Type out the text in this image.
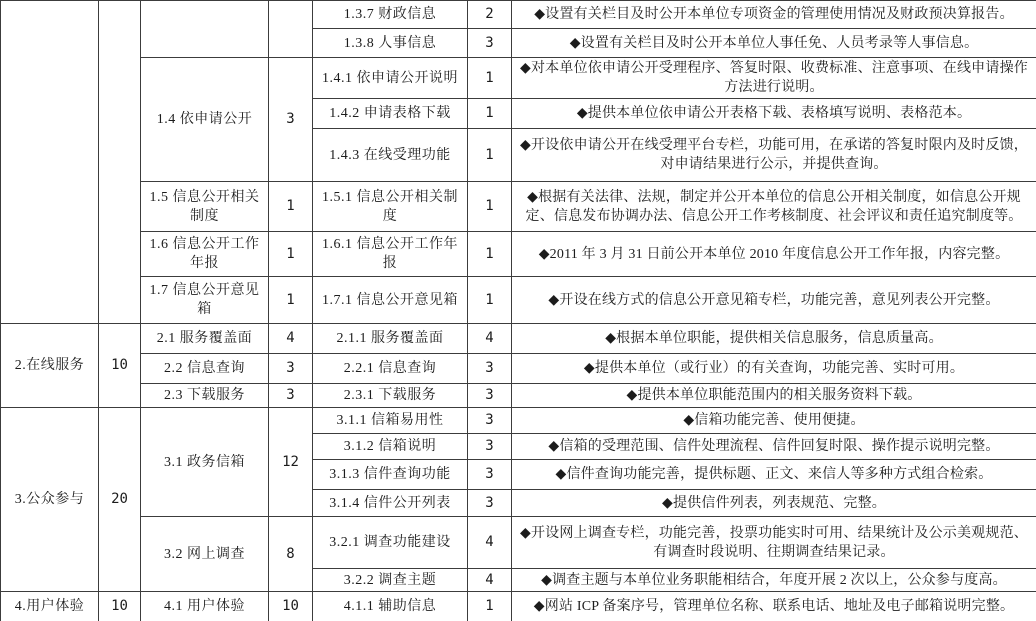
				1.3.7 财政信息	2	◆设置有关栏目及时公开本单位专项资金的管理使用情况及财政预决算报告。
				1.3.8 人事信息	3	◆设置有关栏目及时公开本单位人事任免、人员考录等人事信息。
		1.4 依申请公开	3	1.4.1 依申请公开说明	1	◆对本单位依申请公开受理程序、答复时限、收费标准、注意事项、在线申请操作方法进行说明。
				1.4.2 申请表格下载	1	◆提供本单位依申请公开表格下载、表格填写说明、表格范本。
				1.4.3 在线受理功能	1	◆开设依申请公开在线受理平台专栏，功能可用，在承诺的答复时限内及时反馈，对申请结果进行公示，并提供查询。
		1.5 信息公开相关制度	1	1.5.1 信息公开相关制度	1	◆根据有关法律、法规，制定并公开本单位的信息公开相关制度，如信息公开规定、信息发布协调办法、信息公开工作考核制度、社会评议和责任追究制度等。
		1.6 信息公开工作年报	1	1.6.1 信息公开工作年报	1	◆2011 年 3 月 31 日前公开本单位 2010 年度信息公开工作年报，内容完整。
		1.7 信息公开意见箱	1	1.7.1 信息公开意见箱	1	◆开设在线方式的信息公开意见箱专栏，功能完善，意见列表公开完整。
2.在线服务	10	2.1 服务覆盖面	4	2.1.1 服务覆盖面	4	◆根据本单位职能，提供相关信息服务，信息质量高。
		2.2 信息查询	3	2.2.1 信息查询	3	◆提供本单位（或行业）的有关查询，功能完善、实时可用。
		2.3 下载服务	3	2.3.1 下载服务	3	◆提供本单位职能范围内的相关服务资料下载。
3.公众参与	20	3.1 政务信箱	12	3.1.1 信箱易用性	3	◆信箱功能完善、使用便捷。
				3.1.2 信箱说明	3	◆信箱的受理范围、信件处理流程、信件回复时限、操作提示说明完整。
				3.1.3 信件查询功能	3	◆信件查询功能完善，提供标题、正文、来信人等多种方式组合检索。
				3.1.4 信件公开列表	3	◆提供信件列表，列表规范、完整。
		3.2 网上调查	8	3.2.1 调查功能建设	4	◆开设网上调查专栏，功能完善，投票功能实时可用、结果统计及公示美观规范、有调查时段说明、往期调查结果记录。
				3.2.2 调查主题	4	◆调查主题与本单位业务职能相结合，年度开展 2 次以上，公众参与度高。
4.用户体验	10	4.1 用户体验	10	4.1.1 辅助信息	1	◆网站 ICP 备案序号，管理单位名称、联系电话、地址及电子邮箱说明完整。
